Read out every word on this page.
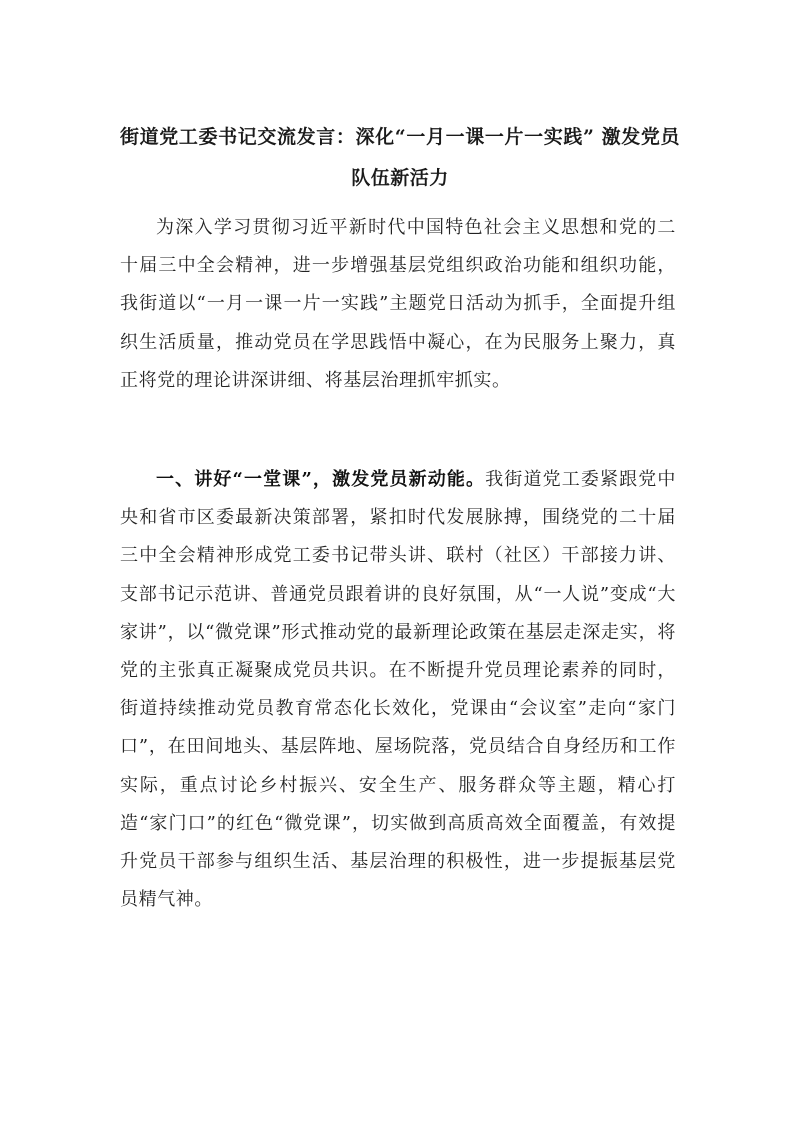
街道党工委书记交流发言：深化“一月一课一片一实践” 激发党员队伍新活力

为深入学习贯彻习近平新时代中国特色社会主义思想和党的二十届三中全会精神，进一步增强基层党组织政治功能和组织功能，我街道以“一月一课一片一实践”主题党日活动为抓手，全面提升组织生活质量，推动党员在学思践悟中凝心，在为民服务上聚力，真正将党的理论讲深讲细、将基层治理抓牢抓实。

一、讲好“一堂课”，激发党员新动能。我街道党工委紧跟党中央和省市区委最新决策部署，紧扣时代发展脉搏，围绕党的二十届三中全会精神形成党工委书记带头讲、联村（社区）干部接力讲、支部书记示范讲、普通党员跟着讲的良好氛围，从“一人说”变成“大家讲”，以“微党课”形式推动党的最新理论政策在基层走深走实，将党的主张真正凝聚成党员共识。在不断提升党员理论素养的同时，街道持续推动党员教育常态化长效化，党课由“会议室”走向“家门口”，在田间地头、基层阵地、屋场院落，党员结合自身经历和工作实际，重点讨论乡村振兴、安全生产、服务群众等主题，精心打造“家门口”的红色“微党课”，切实做到高质高效全面覆盖，有效提升党员干部参与组织生活、基层治理的积极性，进一步提振基层党员精气神。
